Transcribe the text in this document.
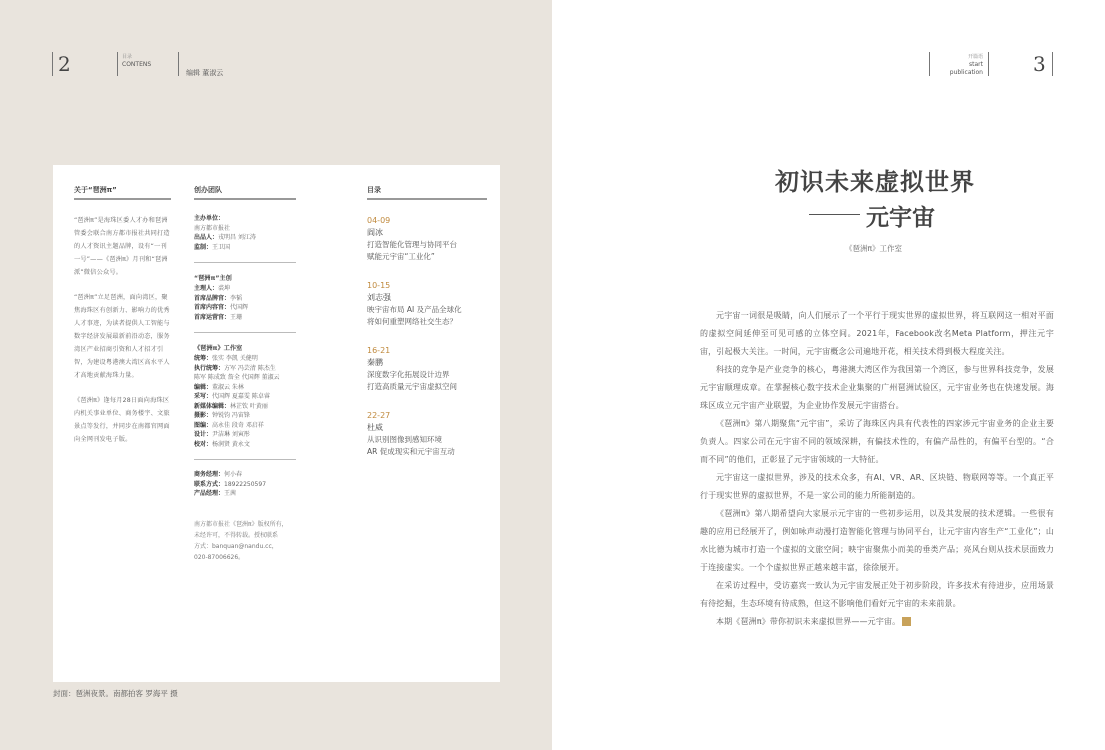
2	目录
CONTENS
编辑 董淑云
关于“琶洲π”

“琶洲π”是海珠区委人才办和琶洲管委会联合南方都市报社共同打造的人才资讯主题品牌，设有“一刊一号”——《琶洲π》月刊和“琶洲派”微信公众号。

“琶洲π”立足琶洲，面向湾区，聚焦海珠区有创新力、影响力的优秀人才事迹，为读者提供人工智能与数字经济发展最新前沿动态，服务湾区产业招商引资和人才招才引智，为建设粤港澳大湾区高水平人才高地贡献海珠力量。

《琶洲π》逢每月28日面向海珠区内机关事业单位、商务楼宇、文旅景点等发行，并同步在南都官网面向全网刊发电子版。

创办团队
主办单位：
南方都市报社
出品人：戎明昌 刘江涛
监制：王卫国
“琶洲π”主创
主理人：裘坤
首席品牌官：李韬
首席内容官：代国辉
首席运营官：王珊
《琶洲π》工作室
统筹：张实 李凯 关健明
执行统筹：方军 冯芸清 陈杰生
陈军 陈成致 詹全 代国辉 董淑云
编辑：董淑云 朱林
采写：代国辉 夏嘉雯 陈卓睿
新媒体编辑：林芷钦 叶黄丽
摄影：钟锐钧 冯宙锋
图编：高永佳 段奇 邓启祥
设计：尹洁琳 刘寅彤
校对：杨润贤 黄永文
商务经理：何小春
联系方式：18922250597
产品经理：王茜
南方都市报社《琶洲π》版权所有，
未经许可，不得转载。授权联系
方式：banquan@nandu.cc，
020-87006626。
目录
04-09
阎冰
打造智能化管理与协同平台
赋能元宇宙“工业化”
10-15
刘志强
映宇宙布局 AI 及产品全球化
将如何重塑网络社交生态？
16-21
秦鹏
深度数字化拓展设计边界
打造高质量元宇宙虚拟空间
22-27
杜威
从识别图像到感知环境
AR 促成现实和元宇宙互动
封面：琶洲夜景。南都拍客 罗海平 摄
开篇语
start
publication	3
初识未来虚拟世界
元宇宙
《琶洲π》工作室

元宇宙一词很是吸睛，向人们展示了一个平行于现实世界的虚拟世界，将互联网这一相对平面的虚拟空间延伸至可见可感的立体空间。2021年，Facebook改名Meta Platform，押注元宇宙，引起极大关注。一时间，元宇宙概念公司遍地开花，相关技术得到极大程度关注。

科技的竞争是产业竞争的核心，粤港澳大湾区作为我国第一个湾区，参与世界科技竞争，发展元宇宙顺理成章。在掌握核心数字技术企业集聚的广州琶洲试验区，元宇宙业务也在快速发展。海珠区成立元宇宙产业联盟，为企业协作发展元宇宙搭台。

《琶洲π》第八期聚焦“元宇宙”，采访了海珠区内具有代表性的四家涉元宇宙业务的企业主要负责人。四家公司在元宇宙不同的领域深耕，有偏技术性的，有偏产品性的，有偏平台型的。“合而不同”的他们，正彰显了元宇宙领域的一大特征。

元宇宙这一虚拟世界，涉及的技术众多，有AI、VR、AR、区块链、物联网等等。一个真正平行于现实世界的虚拟世界，不是一家公司的能力所能制造的。

《琶洲π》第八期希望向大家展示元宇宙的一些初步运用，以及其发展的技术逻辑。一些很有趣的应用已经展开了，例如咏声动漫打造智能化管理与协同平台，让元宇宙内容生产“工业化”；山水比德为城市打造一个虚拟的文旅空间；映宇宙聚焦小而美的垂类产品；亮风台则从技术层面致力于连接虚实。一个个虚拟世界正越来越丰富，徐徐展开。

在采访过程中，受访嘉宾一致认为元宇宙发展正处于初步阶段，许多技术有待进步，应用场景有待挖掘，生态环境有待成熟，但这不影响他们看好元宇宙的未来前景。

本期《琶洲π》带你初识未来虚拟世界——元宇宙。
